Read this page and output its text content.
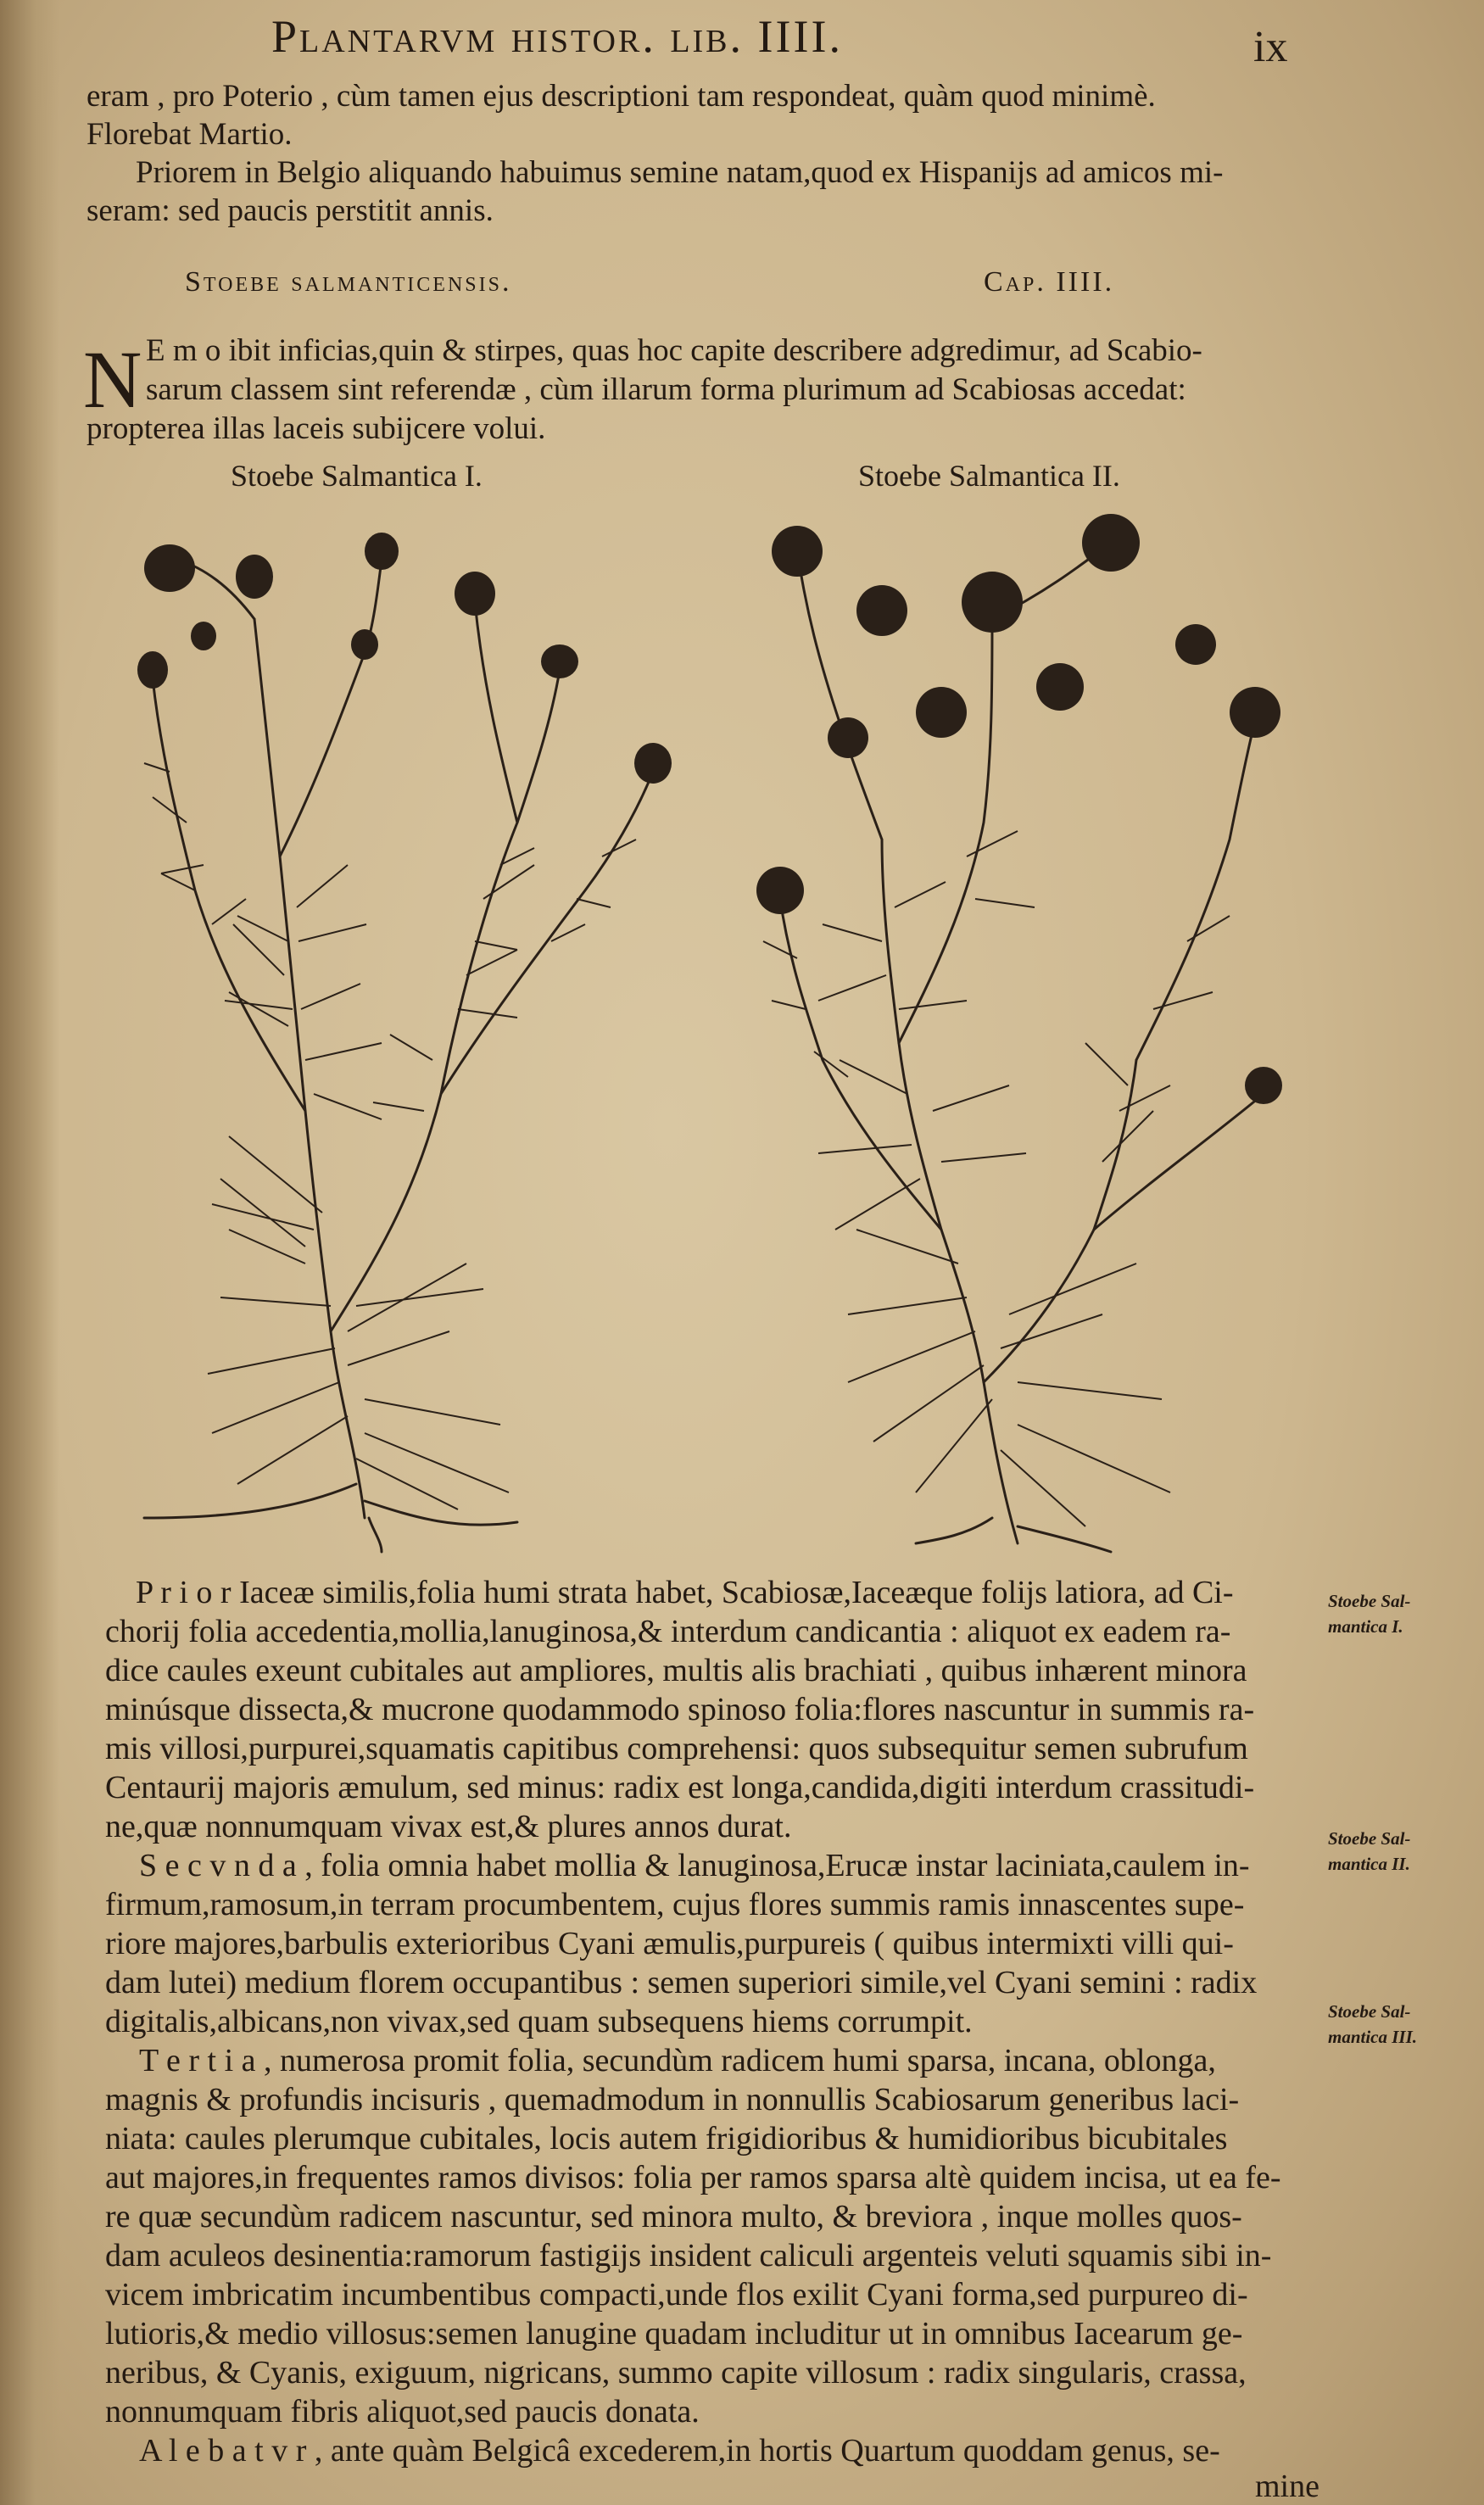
Plantarvm histor. lib. IIII.	ix
eram , pro Poterio , cùm tamen ejus descriptioni tam respondeat, quàm quod minimè.
Florebat Martio.
Priorem in Belgio aliquando habuimus semine natam,quod ex Hispanijs ad amicos mi-
seram: sed paucis perstitit annis.
Stoebe salmanticensis.	Cap. IIII.
N E m o ibit inficias,quin & stirpes, quas hoc capite describere adgredimur, ad Scabio-
sarum classem sint referendæ , cùm illarum forma plurimum ad Scabiosas accedat:
propterea illas laceis subijcere volui.
Stoebe Salmantica I.	Stoebe Salmantica II.
P r i o r Iaceæ similis,folia humi strata habet, Scabiosæ,Iaceæque folijs latiora, ad Ci-
chorij folia accedentia,mollia,lanuginosa,& interdum candicantia : aliquot ex eadem ra-
dice caules exeunt cubitales aut ampliores, multis alis brachiati , quibus inhærent minora
minúsque dissecta,& mucrone quodammodo spinoso folia:flores nascuntur in summis ra-
mis villosi,purpurei,squamatis capitibus comprehensi: quos subsequitur semen subrufum
Centaurij majoris æmulum, sed minus: radix est longa,candida,digiti interdum crassitudi-
ne,quæ nonnumquam vivax est,& plures annos durat.
S e c v n d a , folia omnia habet mollia & lanuginosa,Erucæ instar laciniata,caulem in-
firmum,ramosum,in terram procumbentem, cujus flores summis ramis innascentes supe-
riore majores,barbulis exterioribus Cyani æmulis,purpureis ( quibus intermixti villi qui-
dam lutei) medium florem occupantibus : semen superiori simile,vel Cyani semini : radix
digitalis,albicans,non vivax,sed quam subsequens hiems corrumpit.
T e r t i a , numerosa promit folia, secundùm radicem humi sparsa, incana, oblonga,
magnis & profundis incisuris , quemadmodum in nonnullis Scabiosarum generibus laci-
niata: caules plerumque cubitales, locis autem frigidioribus & humidioribus bicubitales
aut majores,in frequentes ramos divisos: folia per ramos sparsa altè quidem incisa, ut ea fe-
re quæ secundùm radicem nascuntur, sed minora multo, & breviora , inque molles quos-
dam aculeos desinentia:ramorum fastigijs insident caliculi argenteis veluti squamis sibi in-
vicem imbricatim incumbentibus compacti,unde flos exilit Cyani forma,sed purpureo di-
lutioris,& medio villosus:semen lanugine quadam includitur ut in omnibus Iacearum ge-
neribus, & Cyanis, exiguum, nigricans, summo capite villosum : radix singularis, crassa,
nonnumquam fibris aliquot,sed paucis donata.
A l e b a t v r , ante quàm Belgicâ excederem,in hortis Quartum quoddam genus, se-
mine
Stoebe Sal-
mantica I.
Stoebe Sal-
mantica II.
Stoebe Sal-
mantica III.
